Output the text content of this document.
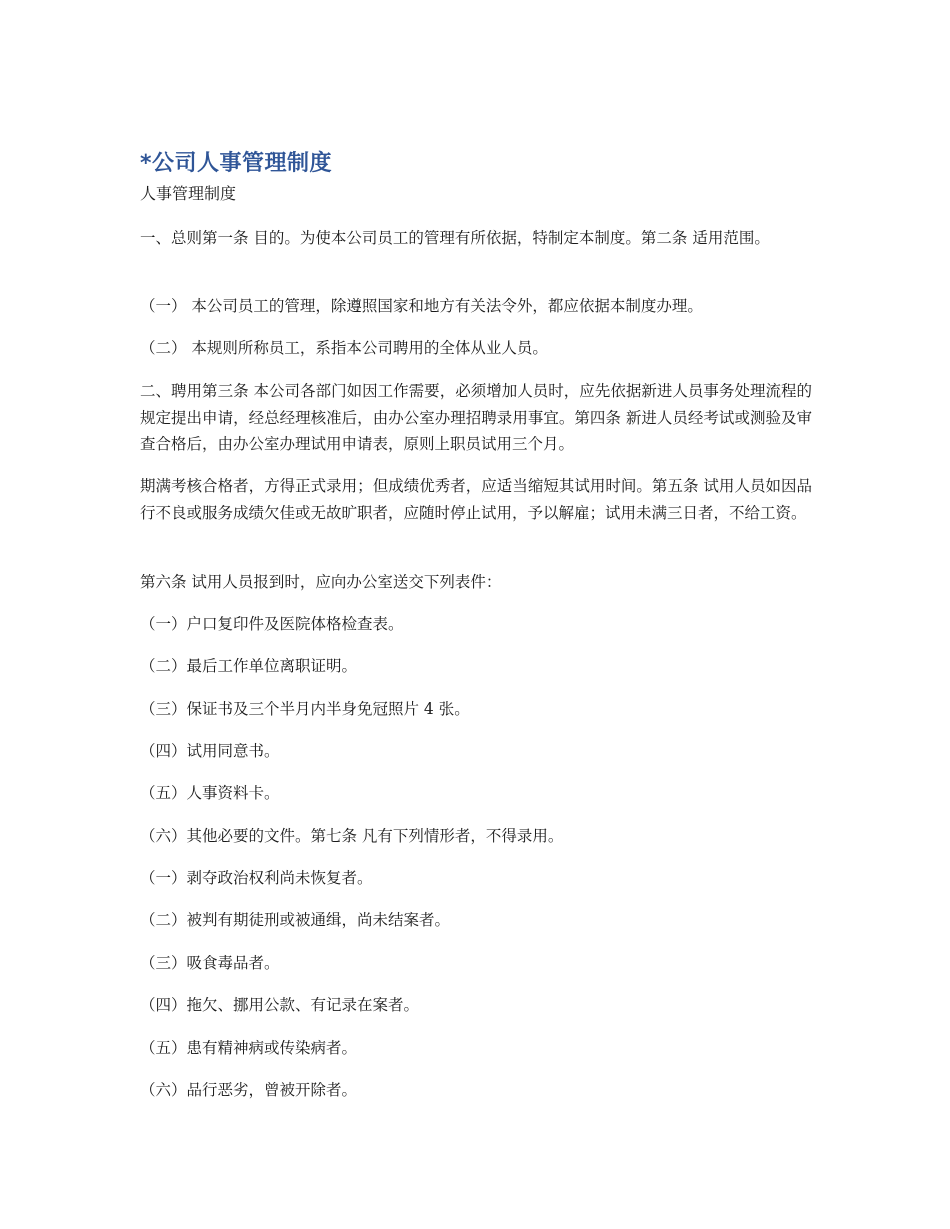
*公司人事管理制度

人事管理制度

一、总则第一条 目的。为使本公司员工的管理有所依据，特制定本制度。第二条 适用范围。

（一） 本公司员工的管理，除遵照国家和地方有关法令外，都应依据本制度办理。

（二） 本规则所称员工，系指本公司聘用的全体从业人员。

二、聘用第三条 本公司各部门如因工作需要，必须增加人员时，应先依据新进人员事务处理流程的规定提出申请，经总经理核准后，由办公室办理招聘录用事宜。第四条 新进人员经考试或测验及审查合格后，由办公室办理试用申请表，原则上职员试用三个月。

期满考核合格者，方得正式录用；但成绩优秀者，应适当缩短其试用时间。第五条 试用人员如因品行不良或服务成绩欠佳或无故旷职者，应随时停止试用，予以解雇；试用未满三日者，不给工资。

第六条 试用人员报到时，应向办公室送交下列表件：

（一）户口复印件及医院体格检查表。

（二）最后工作单位离职证明。

（三）保证书及三个半月内半身免冠照片 4 张。

（四）试用同意书。

（五）人事资料卡。

（六）其他必要的文件。第七条 凡有下列情形者，不得录用。

（一）剥夺政治权利尚未恢复者。

（二）被判有期徒刑或被通缉，尚未结案者。

（三）吸食毒品者。

（四）拖欠、挪用公款、有记录在案者。

（五）患有精神病或传染病者。

（六）品行恶劣，曾被开除者。
